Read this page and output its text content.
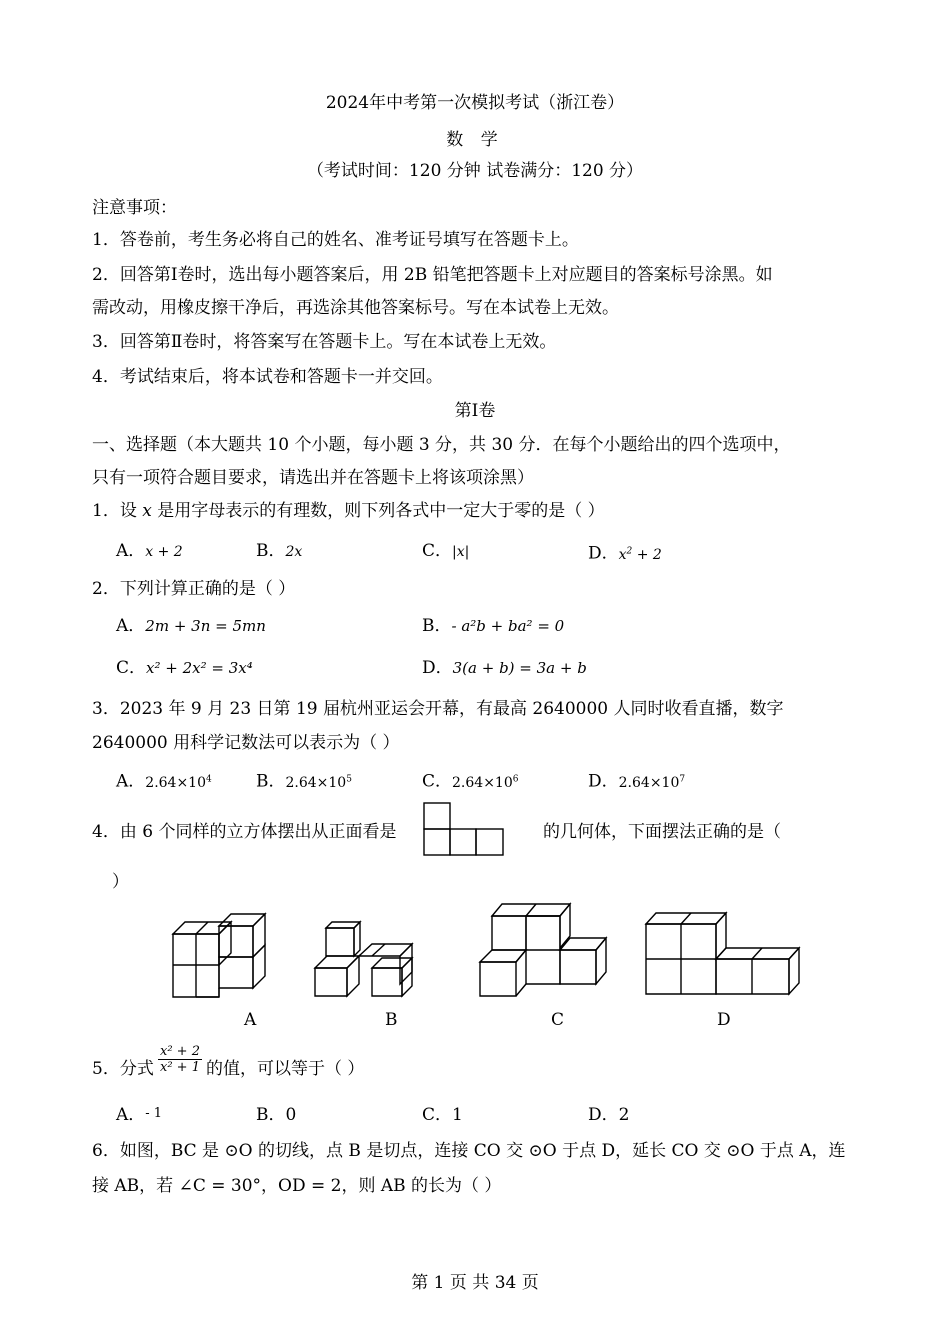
2024年中考第一次模拟考试（浙江卷）
数 学
（考试时间：120 分钟 试卷满分：120 分）
注意事项：
1．答卷前，考生务必将自己的姓名、准考证号填写在答题卡上。
2．回答第Ⅰ卷时，选出每小题答案后，用 2B 铅笔把答题卡上对应题目的答案标号涂黑。如
需改动，用橡皮擦干净后，再选涂其他答案标号。写在本试卷上无效。
3．回答第Ⅱ卷时，将答案写在答题卡上。写在本试卷上无效。
4．考试结束后，将本试卷和答题卡一并交回。
第Ⅰ卷
一、选择题（本大题共 10 个小题，每小题 3 分，共 30 分．在每个小题给出的四个选项中，
只有一项符合题目要求，请选出并在答题卡上将该项涂黑）
1．设 x 是用字母表示的有理数，则下列各式中一定大于零的是（ ）
A．x + 2	B．2x	C．|x|	D．$x^2 + 2$
2．下列计算正确的是（ ）
A．2m + 3n = 5mn	B．- a²b + ba² = 0
C．x² + 2x² = 3x⁴	D．3(a + b) = 3a + b
3．2023 年 9 月 23 日第 19 届杭州亚运会开幕，有最高 2640000 人同时收看直播，数字
2640000 用科学记数法可以表示为（ ）
A．$2.64\times 10^4$	B．$2.64\times 10^5$	C．$2.64\times 10^6$	D．$2.64\times 10^7$
4．由 6 个同样的立方体摆出从正面看是	的几何体，下面摆法正确的是（
）
A	B	C	D
5．分式 $\frac{\text{x² + 2}}{\text{x² + 1}}$ 的值，可以等于（ ）
A．- 1	B．0	C．1	D．2
6．如图，BC 是 ⊙O 的切线，点 B 是切点，连接 CO 交 ⊙O 于点 D，延长 CO 交 ⊙O 于点 A，连
接 AB，若 ∠C = 30°，OD = 2，则 AB 的长为（ ）
第 1 页 共 34 页
